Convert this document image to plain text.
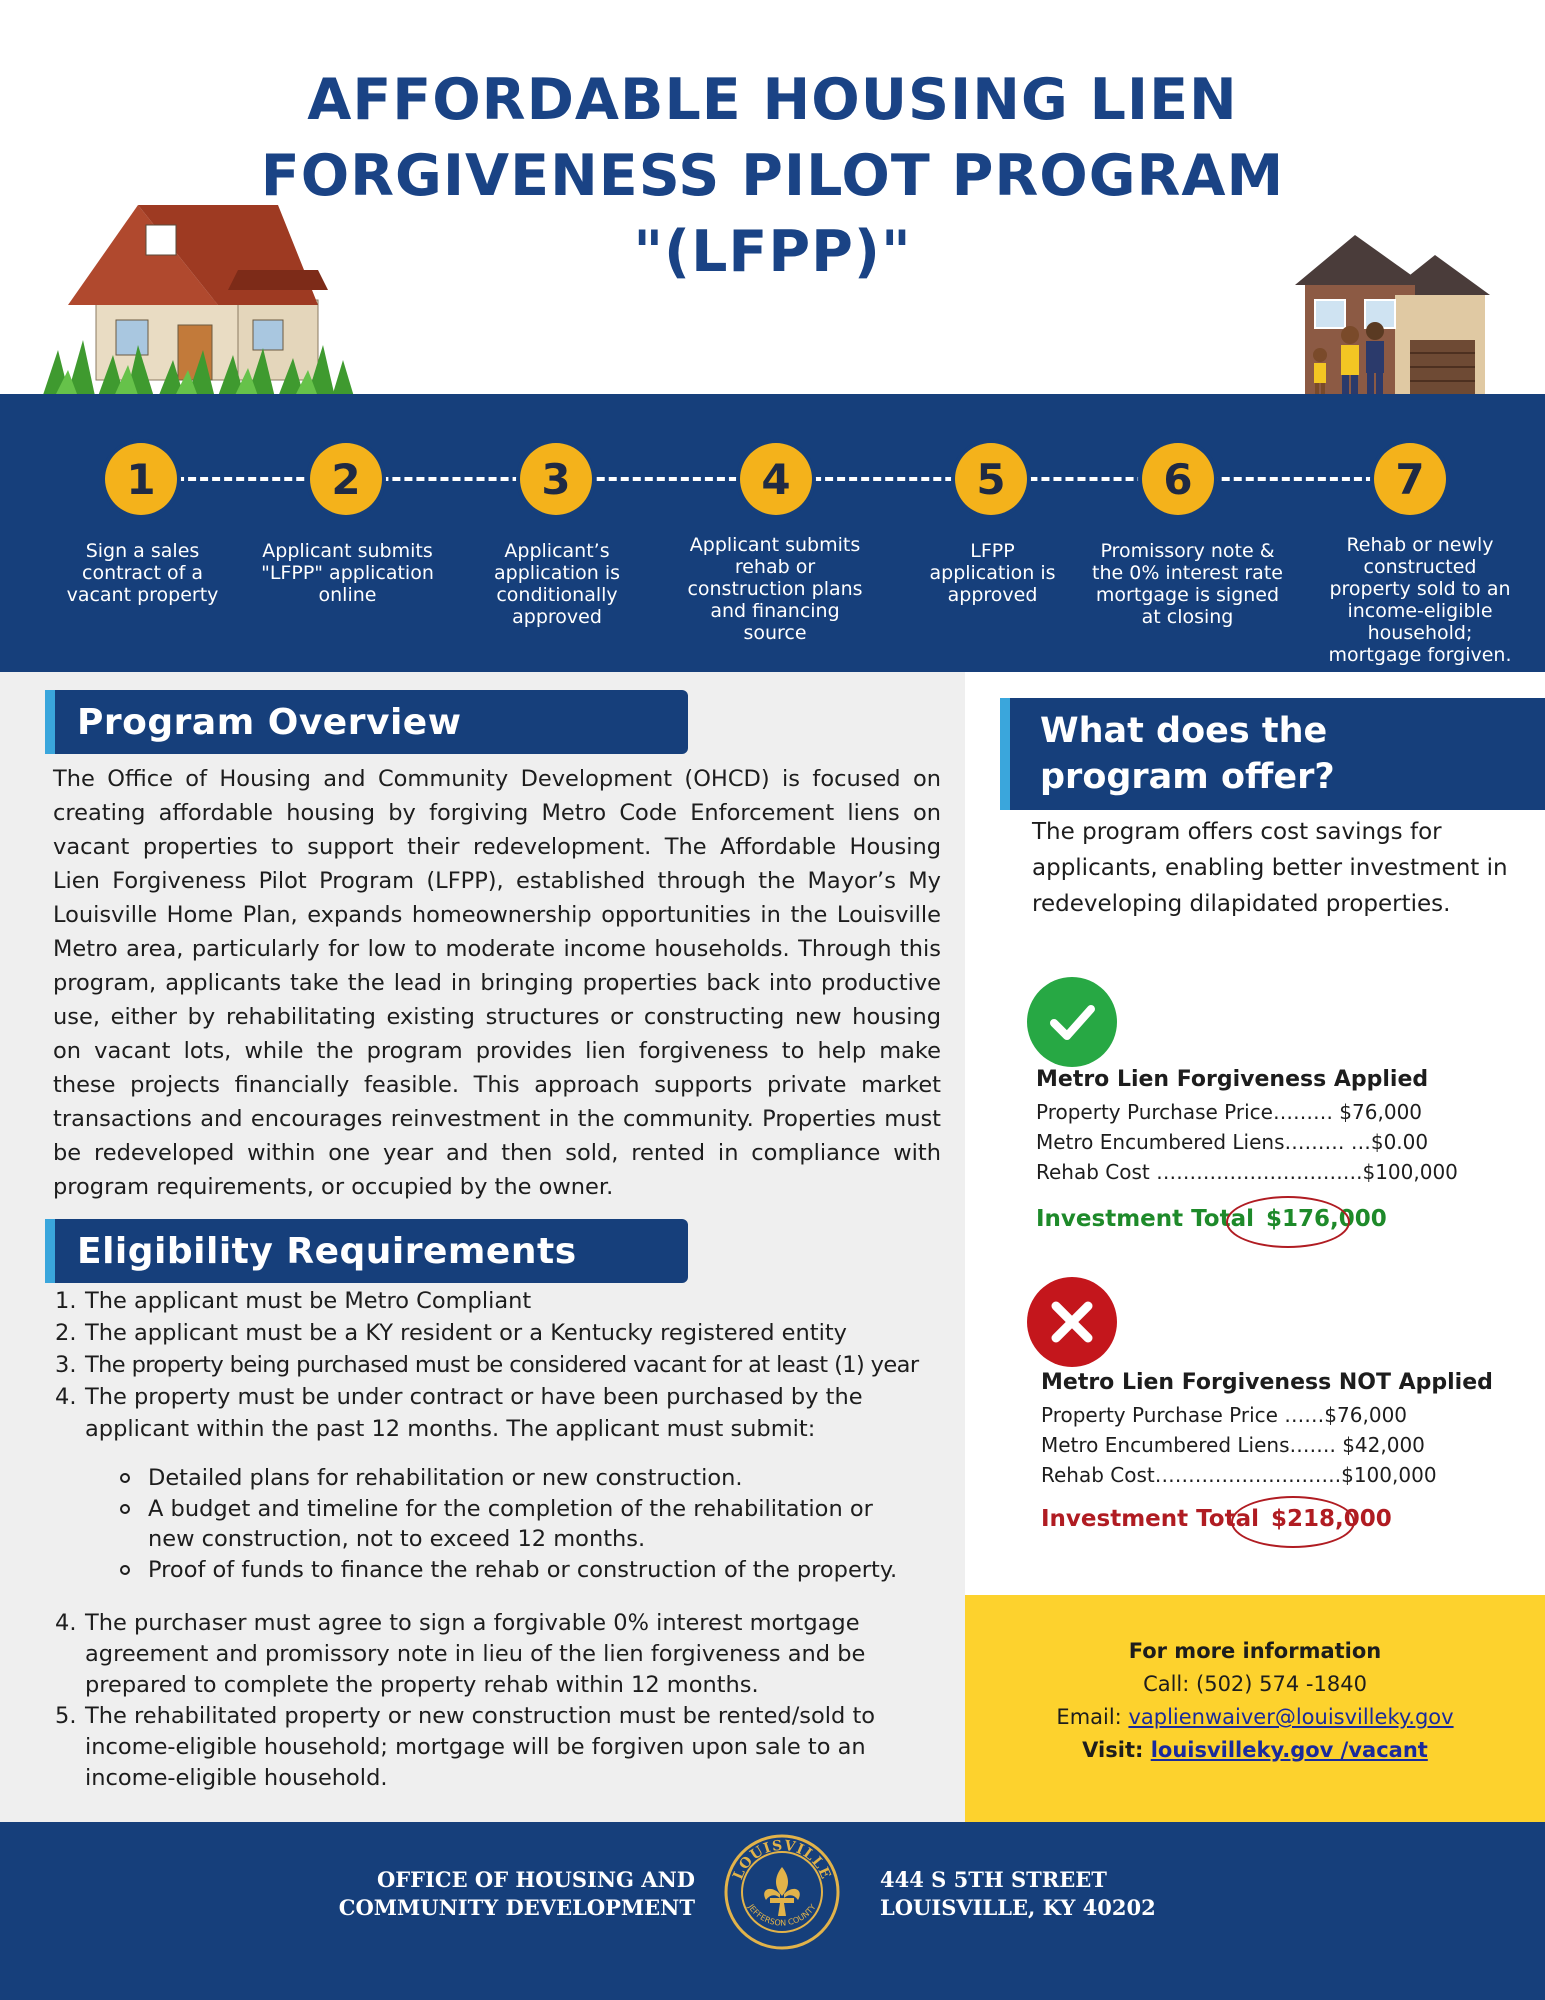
AFFORDABLE HOUSING LIEN
FORGIVENESS PILOT PROGRAM
"(LFPP)"
1	2	3	4	5	6	7
Sign a sales contract of a vacant property
Applicant submits "LFPP" application online
Applicant’s application is conditionally approved
Applicant submits rehab or construction plans and financing source
LFPP application is approved
Promissory note & the 0% interest rate mortgage is signed at closing
Rehab or newly constructed property sold to an income-eligible household; mortgage forgiven.
Program Overview
The Office of Housing and Community Development (OHCD) is focused on creating affordable housing by forgiving Metro Code Enforcement liens on vacant properties to support their redevelopment. The Affordable Housing Lien Forgiveness Pilot Program (LFPP), established through the Mayor’s My Louisville Home Plan, expands homeownership opportunities in the Louisville Metro area, particularly for low to moderate income households. Through this program, applicants take the lead in bringing properties back into productive use, either by rehabilitating existing structures or constructing new housing on vacant lots, while the program provides lien forgiveness to help make these projects financially feasible. This approach supports private market transactions and encourages reinvestment in the community. Properties must be redeveloped within one year and then sold, rented in compliance with program requirements, or occupied by the owner.
Eligibility Requirements
1. The applicant must be Metro Compliant
2. The applicant must be a KY resident or a Kentucky registered entity
3. The property being purchased must be considered vacant for at least (1) year
4. The property must be under contract or have been purchased by the applicant within the past 12 months. The applicant must submit:
Detailed plans for rehabilitation or new construction.
A budget and timeline for the completion of the rehabilitation or new construction, not to exceed 12 months.
Proof of funds to finance the rehab or construction of the property.
4. The purchaser must agree to sign a forgivable 0% interest mortgage agreement and promissory note in lieu of the lien forgiveness and be prepared to complete the property rehab within 12 months.
5. The rehabilitated property or new construction must be rented/sold to income-eligible household; mortgage will be forgiven upon sale to an income-eligible household.
What does the
program offer?
The program offers cost savings for applicants, enabling better investment in redeveloping dilapidated properties.
Metro Lien Forgiveness Applied
Property Purchase Price……… $76,000
Metro Encumbered Liens……… …$0.00
Rehab Cost ………………………….$100,000
Investment Total $176,000
Metro Lien Forgiveness NOT Applied
Property Purchase Price ……$76,000
Metro Encumbered Liens……. $42,000
Rehab Cost……………………….$100,000
Investment Total $218,000
For more information
Call: (502) 574 -1840
Email: vaplienwaiver@louisvilleky.gov
Visit: louisvilleky.gov /vacant
OFFICE OF HOUSING AND
COMMUNITY DEVELOPMENT
LOUISVILLE
JEFFERSON COUNTY
444 S 5TH STREET
LOUISVILLE, KY 40202
